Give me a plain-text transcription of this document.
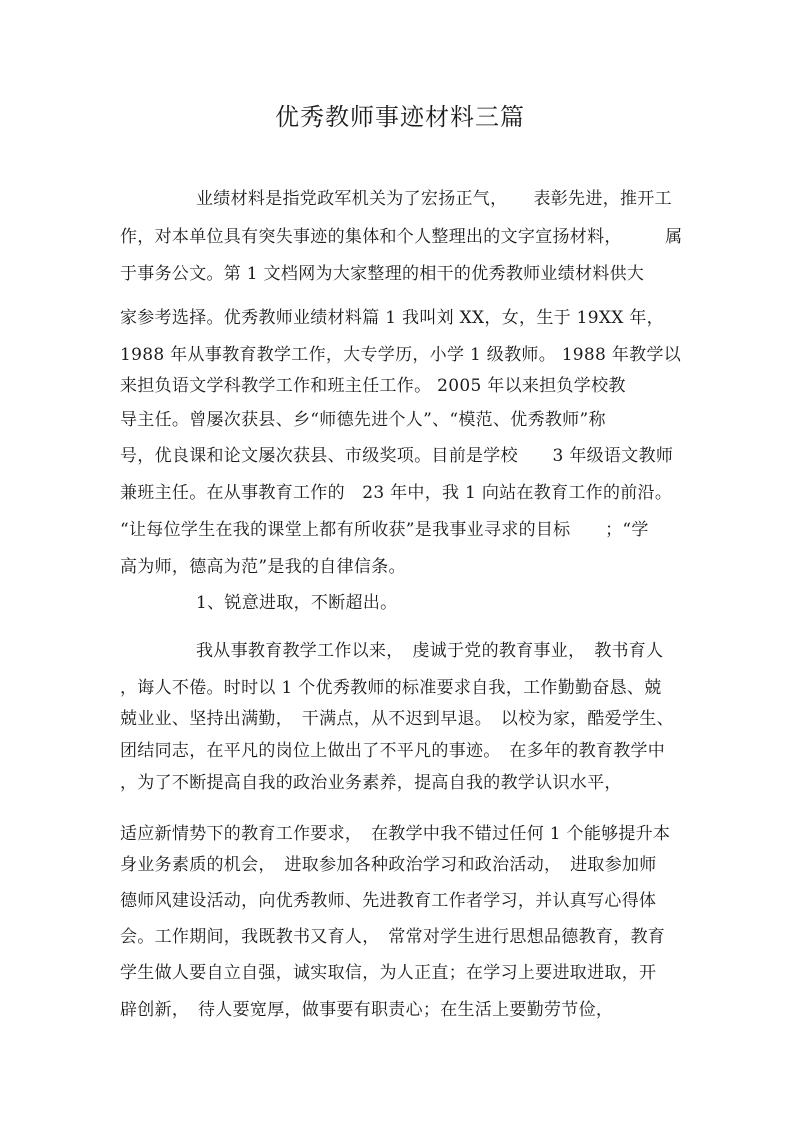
优秀教师事迹材料三篇
业绩材料是指党政军机关为了宏扬正气，　　表彰先进，推开工
作，对本单位具有突失事迹的集体和个人整理出的文字宣扬材料，　　　属
于事务公文。第 1 文档网为大家整理的相干的优秀教师业绩材料供大
家参考选择。优秀教师业绩材料篇 1 我叫刘 XX，女，生于 19XX 年，
1988 年从事教育教学工作，大专学历，小学 1 级教师。 1988 年教学以
来担负语文学科教学工作和班主任工作。 2005 年以来担负学校教
导主任。曾屡次获县、乡“师德先进个人”、“模范、优秀教师”称
号，优良课和论文屡次获县、市级奖项。目前是学校　　3 年级语文教师
兼班主任。在从事教育工作的　23 年中，我 1 向站在教育工作的前沿。
“让每位学生在我的课堂上都有所收获”是我事业寻求的目标　　；“学
高为师，德高为范”是我的自律信条。
1、锐意进取，不断超出。
我从事教育教学工作以来，　虔诚于党的教育事业，　教书育人
，诲人不倦。时时以 1 个优秀教师的标准要求自我，工作勤勤奋恳、兢
兢业业、坚持出满勤，　干满点，从不迟到早退。　以校为家，酷爱学生、
团结同志，在平凡的岗位上做出了不平凡的事迹。　在多年的教育教学中
，为了不断提高自我的政治业务素养，提高自我的教学认识水平，
适应新情势下的教育工作要求，　在教学中我不错过任何 1 个能够提升本
身业务素质的机会，　进取参加各种政治学习和政治活动，　进取参加师
德师风建设活动，向优秀教师、先进教育工作者学习，并认真写心得体
会。工作期间，我既教书又育人，　常常对学生进行思想品德教育，教育
学生做人要自立自强，诚实取信，为人正直；在学习上要进取进取，开
辟创新，　待人要宽厚，做事要有职责心；在生活上要勤劳节俭，
